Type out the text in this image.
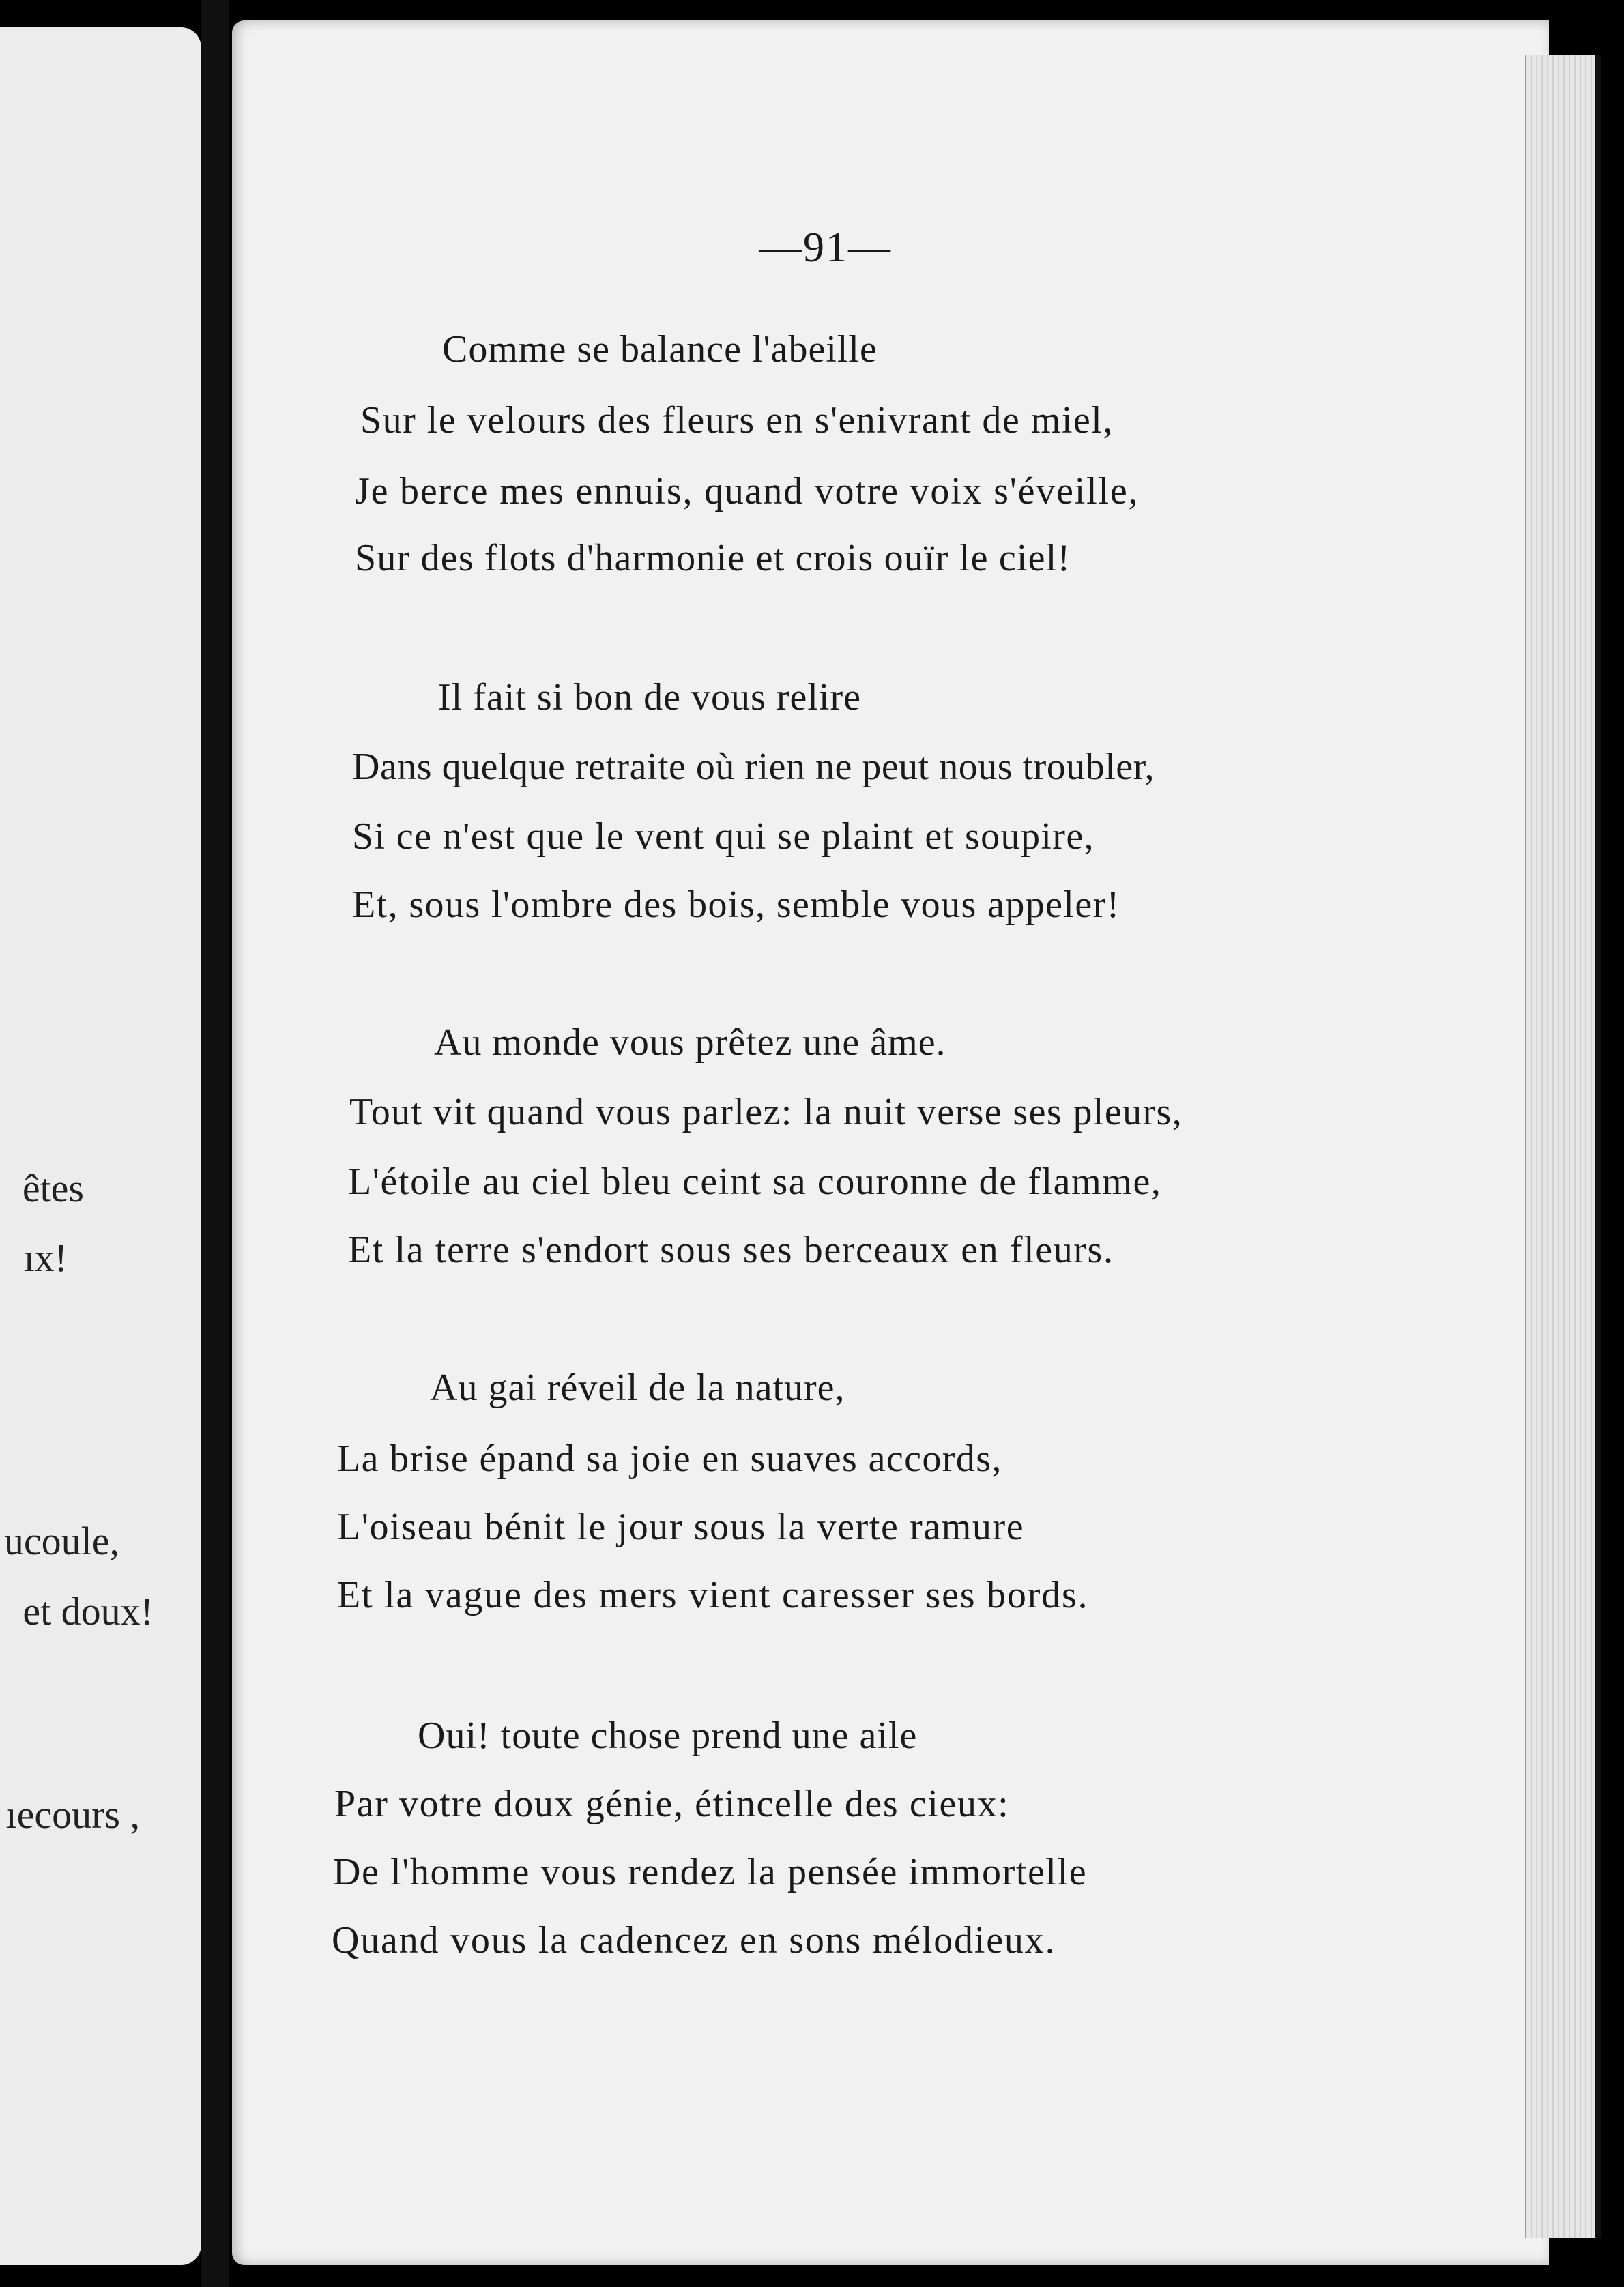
êtes
ıx!
ucoule,
et doux!
ıecours ,
—91—
Comme se balance l'abeille
Sur le velours des fleurs en s'enivrant de miel,
Je berce mes ennuis, quand votre voix s'éveille,
Sur des flots d'harmonie et crois ouïr le ciel!
Il fait si bon de vous relire
Dans quelque retraite où rien ne peut nous troubler,
Si ce n'est que le vent qui se plaint et soupire,
Et, sous l'ombre des bois, semble vous appeler!
Au monde vous prêtez une âme.
Tout vit quand vous parlez: la nuit verse ses pleurs,
L'étoile au ciel bleu ceint sa couronne de flamme,
Et la terre s'endort sous ses berceaux en fleurs.
Au gai réveil de la nature,
La brise épand sa joie en suaves accords,
L'oiseau bénit le jour sous la verte ramure
Et la vague des mers vient caresser ses bords.
Oui! toute chose prend une aile
Par votre doux génie, étincelle des cieux:
De l'homme vous rendez la pensée immortelle
Quand vous la cadencez en sons mélodieux.
